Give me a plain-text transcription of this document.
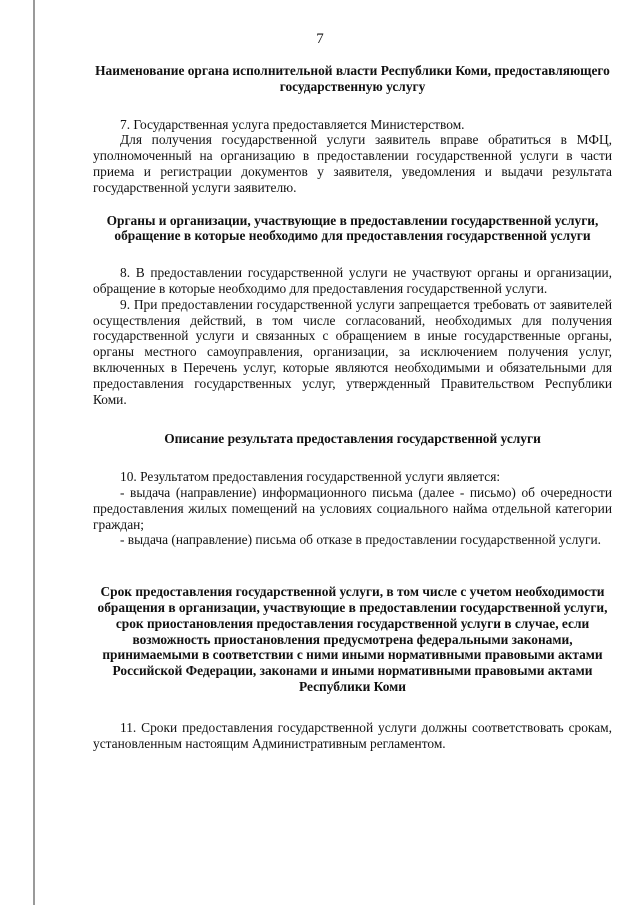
7
Наименование органа исполнительной власти Республики Коми, предоставляющего государственную услугу

7. Государственная услуга предоставляется Министерством.

Для получения государственной услуги заявитель вправе обратиться в МФЦ, уполномоченный на организацию в предоставлении государственной услуги в части приема и регистрации документов у заявителя, уведомления и выдачи результата государственной услуги заявителю.

Органы и организации, участвующие в предоставлении государственной услуги, обращение в которые необходимо для предоставления государственной услуги

8. В предоставлении государственной услуги не участвуют органы и организации, обращение в которые необходимо для предоставления государственной услуги.

9. При предоставлении государственной услуги запрещается требовать от заявителей осуществления действий, в том числе согласований, необходимых для получения государственной услуги и связанных с обращением в иные государственные органы, органы местного самоуправления, организации, за исключением получения услуг, включенных в Перечень услуг, которые являются необходимыми и обязательными для предоставления государственных услуг, утвержденный Правительством Республики Коми.

Описание результата предоставления государственной услуги

10. Результатом предоставления государственной услуги является:

- выдача (направление) информационного письма (далее - письмо) об очередности предоставления жилых помещений на условиях социального найма отдельной категории граждан;

- выдача (направление) письма об отказе в предоставлении государственной услуги.

Срок предоставления государственной услуги, в том числе с учетом необходимости обращения в организации, участвующие в предоставлении государственной услуги, срок приостановления предоставления государственной услуги в случае, если возможность приостановления предусмотрена федеральными законами, принимаемыми в соответствии с ними иными нормативными правовыми актами Российской Федерации, законами и иными нормативными правовыми актами Республики Коми

11. Сроки предоставления государственной услуги должны соответствовать срокам, установленным настоящим Административным регламентом.
